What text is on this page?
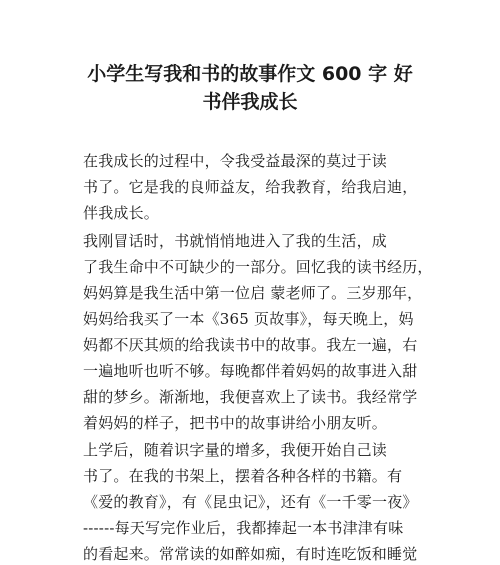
小学生写我和书的故事作文 600 字 好
书伴我成长

在我成长的过程中，令我受益最深的莫过于读

书了。它是我的良师益友，给我教育，给我启迪，

伴我成长。

我刚冒话时，书就悄悄地进入了我的生活，成

了我生命中不可缺少的一部分。回忆我的读书经历，

妈妈算是我生活中第一位启 蒙老师了。三岁那年，

妈妈给我买了一本《365 页故事》，每天晚上，妈

妈都不厌其烦的给我读书中的故事。我左一遍，右

一遍地听也听不够。每晚都伴着妈妈的故事进入甜

甜的梦乡。渐渐地，我便喜欢上了读书。我经常学

着妈妈的样子，把书中的故事讲给小朋友听。

上学后，随着识字量的增多，我便开始自己读

书了。在我的书架上，摆着各种各样的书籍。有

《爱的教育》，有《昆虫记》，还有《一千零一夜》

------每天写完作业后，我都捧起一本书津津有味

的看起来。常常读的如醉如痴，有时连吃饭和睡觉
